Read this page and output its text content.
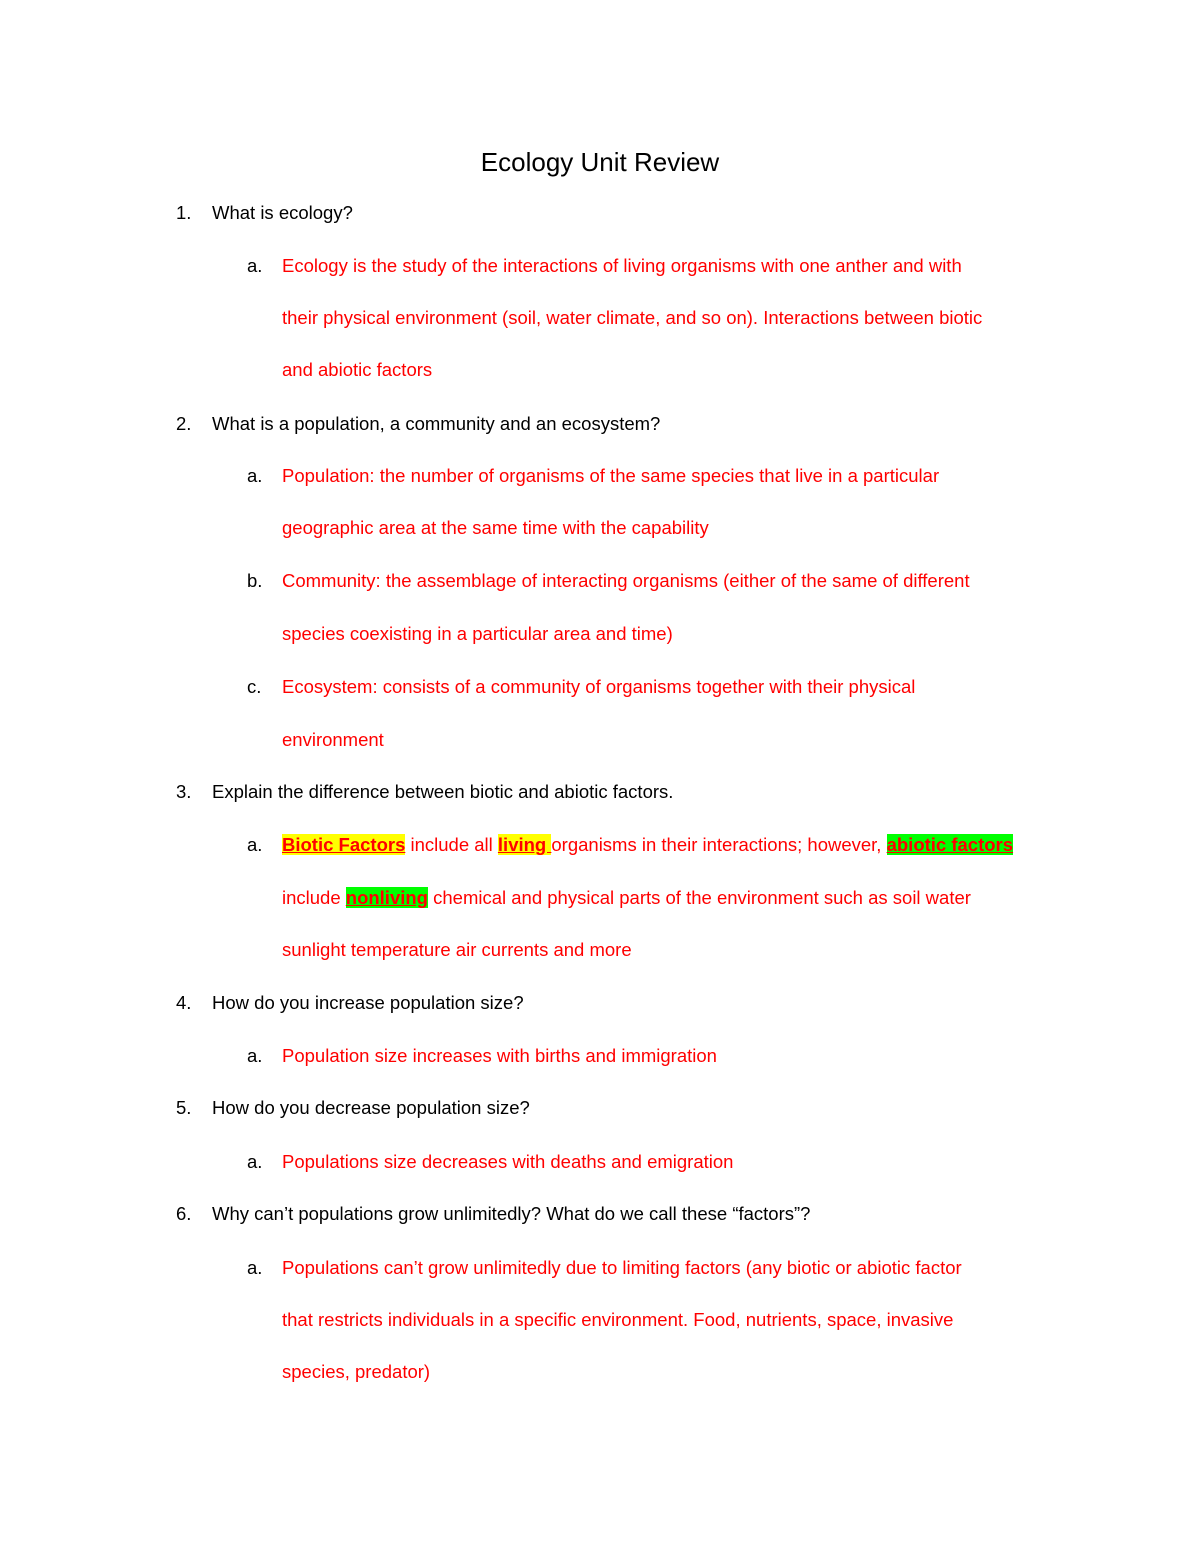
Ecology Unit Review
1.	What is ecology?
a.	Ecology is the study of the interactions of living organisms with one anther and with
their physical environment (soil, water climate, and so on). Interactions between biotic
and abiotic factors
2.	What is a population, a community and an ecosystem?
a.	Population: the number of organisms of the same species that live in a particular
geographic area at the same time with the capability
b.	Community: the assemblage of interacting organisms (either of the same of different
species coexisting in a particular area and time)
c.	Ecosystem: consists of a community of organisms together with their physical
environment
3.	Explain the difference between biotic and abiotic factors.
a.	Biotic Factors include all living organisms in their interactions; however, abiotic factors
include nonliving chemical and physical parts of the environment such as soil water
sunlight temperature air currents and more
4.	How do you increase population size?
a.	Population size increases with births and immigration
5.	How do you decrease population size?
a.	Populations size decreases with deaths and emigration
6.	Why can’t populations grow unlimitedly? What do we call these “factors”?
a.	Populations can’t grow unlimitedly due to limiting factors (any biotic or abiotic factor
that restricts individuals in a specific environment. Food, nutrients, space, invasive
species, predator)
